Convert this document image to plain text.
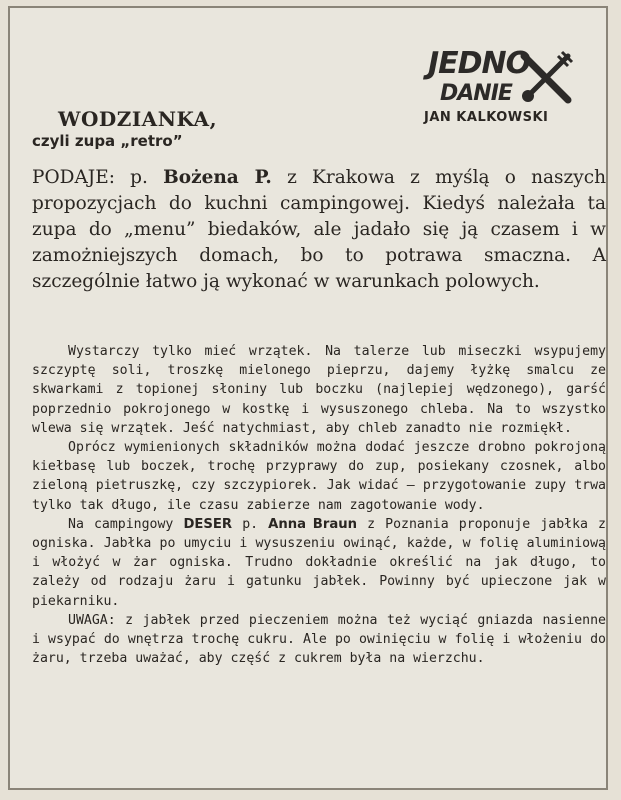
JEDNO
DANIE
JAN KALKOWSKI
WODZIANKA,
czyli zupa „retro”
PODAJE: p. Bożena P. z Krakowa z myślą o naszych propozycjach do kuchni campingowej. Kiedyś należała ta zupa do „menu” biedaków, ale jadało się ją czasem i w zamożniejszych domach, bo to potrawa smaczna. A szczególnie łatwo ją wykonać w warunkach polowych.

Wystarczy tylko mieć wrzątek. Na talerze lub miseczki wsypujemy szczyptę soli, troszkę mielonego pieprzu, dajemy łyżkę smalcu ze skwarkami z topionej słoniny lub boczku (najlepiej wędzonego), garść poprzednio pokrojonego w kostkę i wysuszonego chleba. Na to wszystko wlewa się wrzątek. Jeść natychmiast, aby chleb zanadto nie rozmiękł.

Oprócz wymienionych składników można dodać jeszcze drobno pokrojoną kiełbasę lub boczek, trochę przyprawy do zup, posiekany czosnek, albo zieloną pietruszkę, czy szczypiorek. Jak widać — przygotowanie zupy trwa tylko tak długo, ile czasu zabierze nam zagotowanie wody.

Na campingowy DESER p. Anna Braun z Poznania proponuje jabłka z ogniska. Jabłka po umyciu i wysuszeniu owinąć, każde, w folię aluminiową i włożyć w żar ogniska. Trudno dokładnie określić na jak długo, to zależy od rodzaju żaru i gatunku jabłek. Powinny być upieczone jak w piekarniku.

UWAGA: z jabłek przed pieczeniem można też wyciąć gniazda nasienne i wsypać do wnętrza trochę cukru. Ale po owinięciu w folię i włożeniu do żaru, trzeba uważać, aby część z cukrem była na wierzchu.
